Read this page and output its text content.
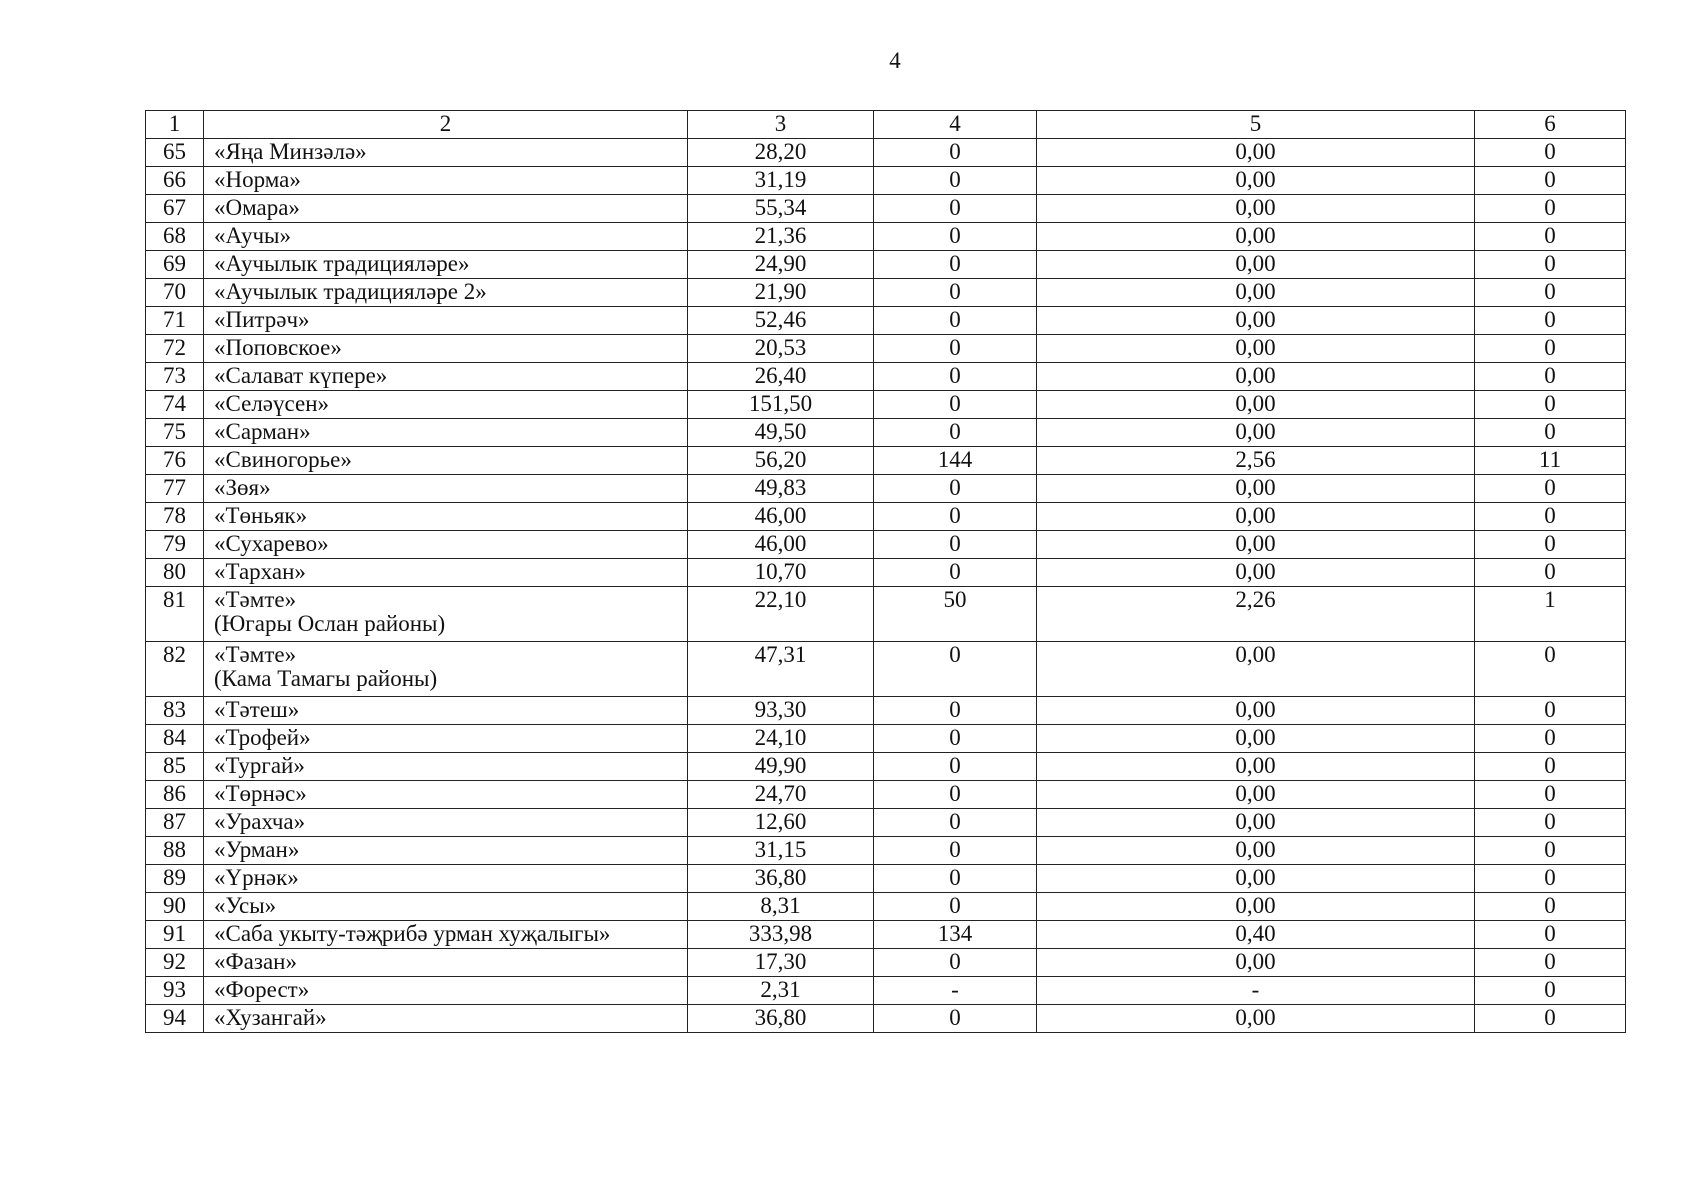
4
1	2	3	4	5	6
65	«Яңа Минзәлә»	28,20	0	0,00	0
66	«Норма»	31,19	0	0,00	0
67	«Омара»	55,34	0	0,00	0
68	«Аучы»	21,36	0	0,00	0
69	«Аучылык традицияләре»	24,90	0	0,00	0
70	«Аучылык традицияләре 2»	21,90	0	0,00	0
71	«Питрәч»	52,46	0	0,00	0
72	«Поповское»	20,53	0	0,00	0
73	«Салават күпере»	26,40	0	0,00	0
74	«Селәүсен»	151,50	0	0,00	0
75	«Сарман»	49,50	0	0,00	0
76	«Свиногорье»	56,20	144	2,56	11
77	«Зөя»	49,83	0	0,00	0
78	«Төньяк»	46,00	0	0,00	0
79	«Сухарево»	46,00	0	0,00	0
80	«Тархан»	10,70	0	0,00	0
81	«Тәмте»
(Югары Ослан районы)	22,10	50	2,26	1
82	«Тәмте»
(Кама Тамагы районы)	47,31	0	0,00	0
83	«Тәтеш»	93,30	0	0,00	0
84	«Трофей»	24,10	0	0,00	0
85	«Тургай»	49,90	0	0,00	0
86	«Төрнәс»	24,70	0	0,00	0
87	«Урахча»	12,60	0	0,00	0
88	«Урман»	31,15	0	0,00	0
89	«Үрнәк»	36,80	0	0,00	0
90	«Усы»	8,31	0	0,00	0
91	«Саба укыту-тәҗрибә урман хуҗалыгы»	333,98	134	0,40	0
92	«Фазан»	17,30	0	0,00	0
93	«Форест»	2,31	-	-	0
94	«Хузангай»	36,80	0	0,00	0
